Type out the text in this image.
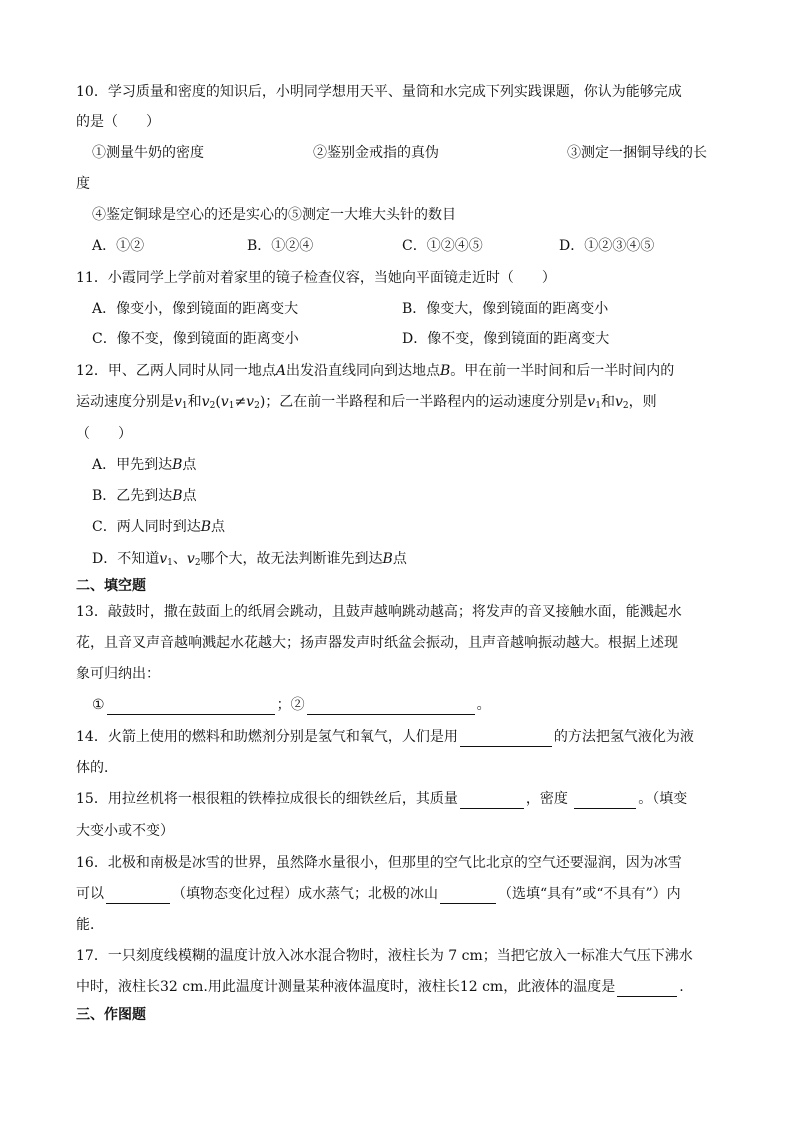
10．学习质量和密度的知识后，小明同学想用天平、量筒和水完成下列实践课题，你认为能够完成
的是（　　）
①测量牛奶的密度	②鉴别金戒指的真伪	③测定一捆铜导线的长
度
④鉴定铜球是空心的还是实心的⑤测定一大堆大头针的数目
A．①②	B．①②④	C．①②④⑤	D．①②③④⑤
11．小霞同学上学前对着家里的镜子检查仪容，当她向平面镜走近时（　　）
A．像变小，像到镜面的距离变大	B．像变大，像到镜面的距离变小
C．像不变，像到镜面的距离变小	D．像不变，像到镜面的距离变大
12．甲、乙两人同时从同一地点A出发沿直线同向到达地点B。甲在前一半时间和后一半时间内的
运动速度分别是$v_1$和$v_2(v_1\ne v_2)$；乙在前一半路程和后一半路程内的运动速度分别是$v_1$和$v_2$，则
（　　）
A．甲先到达B点
B．乙先到达B点
C．两人同时到达B点
D．不知道$v_1$、$v_2$哪个大，故无法判断谁先到达B点
二、填空题
13．敲鼓时，撒在鼓面上的纸屑会跳动，且鼓声越响跳动越高；将发声的音叉接触水面，能溅起水
花，且音叉声音越响溅起水花越大；扬声器发声时纸盆会振动，且声音越响振动越大。根据上述现
象可归纳出：
①	；②	。
14．火箭上使用的燃料和助燃剂分别是氢气和氧气，人们是用	的方法把氢气液化为液
体的．
15．用拉丝机将一根很粗的铁棒拉成很长的细铁丝后，其质量	，密度	。（填变
大变小或不变）
16．北极和南极是冰雪的世界，虽然降水量很小，但那里的空气比北京的空气还要湿润，因为冰雪
可以	（填物态变化过程）成水蒸气；北极的冰山	（选填“具有”或“不具有”）内
能．
17．一只刻度线模糊的温度计放入冰水混合物时，液柱长为 7 cm；当把它放入一标准大气压下沸水
中时，液柱长32 cm.用此温度计测量某种液体温度时，液柱长12 cm，此液体的温度是	.
三、作图题
